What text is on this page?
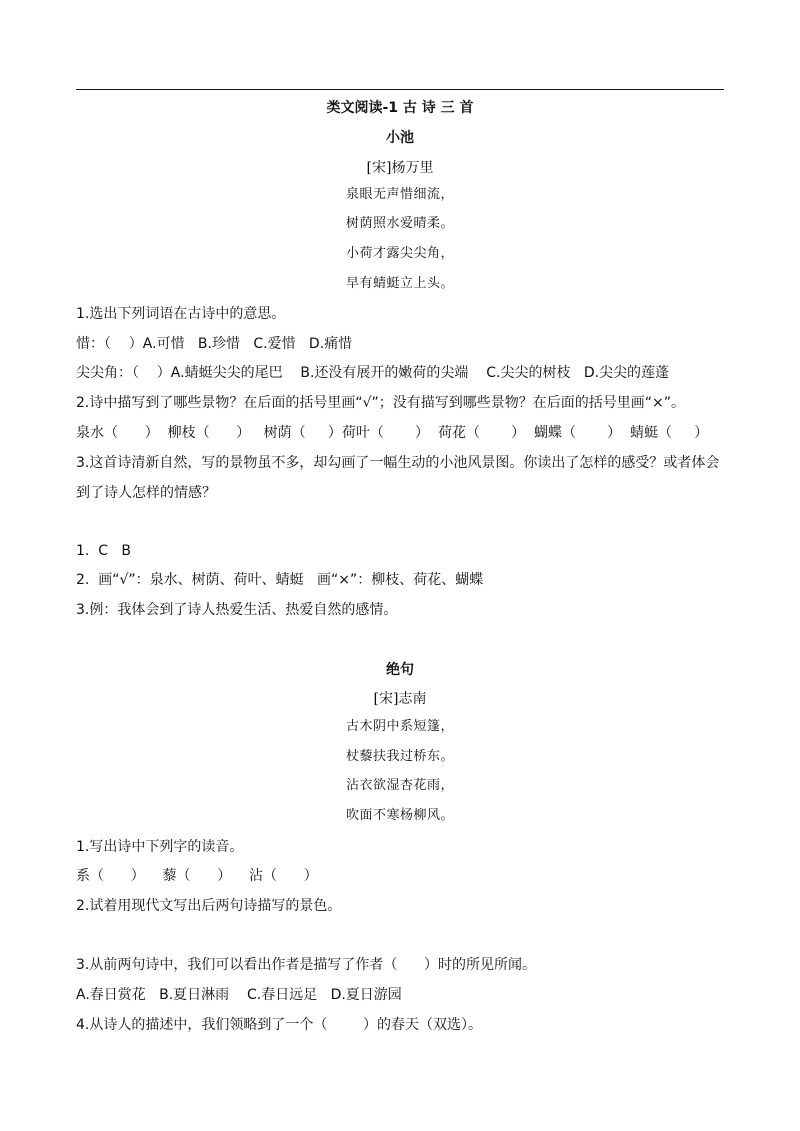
类文阅读-1 古 诗 三 首
小池
[宋]杨万里
泉眼无声惜细流，
树荫照水爱晴柔。
小荷才露尖尖角，
早有蜻蜓立上头。
1.选出下列词语在古诗中的意思。
惜：（    ）A.可惜   B.珍惜   C.爱惜   D.痛惜
尖尖角：（    ）A.蜻蜓尖尖的尾巴    B.还没有展开的嫩荷的尖端    C.尖尖的树枝   D.尖尖的莲蓬
2.诗中描写到了哪些景物？在后面的括号里画“√”；没有描写到哪些景物？在后面的括号里画“×”。
泉水（      ）  柳枝（      ）   树荫（     ）荷叶（       ）  荷花（       ）  蝴蝶（       ）  蜻蜓（     ）
3.这首诗清新自然，写的景物虽不多，却勾画了一幅生动的小池风景图。你读出了怎样的感受？或者体会
到了诗人怎样的情感？
1.  C   B
2.  画“√”：泉水、树荫、荷叶、蜻蜓   画“×”：柳枝、荷花、蝴蝶
3.例：我体会到了诗人热爱生活、热爱自然的感情。
绝句
[宋]志南
古木阴中系短篷，
杖藜扶我过桥东。
沾衣欲湿杏花雨，
吹面不寒杨柳风。
1.写出诗中下列字的读音。
系（      ）    藜（      ）    沾（      ）
2.试着用现代文写出后两句诗描写的景色。
3.从前两句诗中，我们可以看出作者是描写了作者（      ）时的所见所闻。
A.春日赏花   B.夏日淋雨    C.春日远足   D.夏日游园
4.从诗人的描述中，我们领略到了一个（        ）的春天（双选）。
